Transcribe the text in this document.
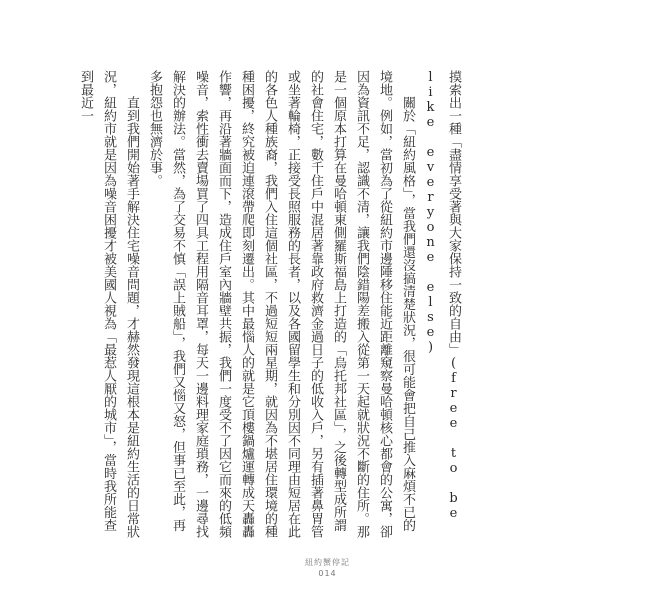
摸索出一種「盡情享受著與大家保持一致的自由」(free to be like everyone else)

關於「紐約風格」，當我們還沒搞清楚狀況，很可能會把自己推入麻煩不已的境地。例如，當初為了從紐約市邊陲移住能近距離窺察曼哈頓核心都會的公寓，卻因為資訊不足，認識不清，讓我們陰錯陽差搬入從第一天起就狀況不斷的住所。那是一個原本打算在曼哈頓東側羅斯福島上打造的「烏托邦社區」，之後轉型成所謂的社會住宅，數千住戶中混居著靠政府救濟金過日子的低收入戶，另有插著鼻胃管或坐著輪椅，正接受長照服務的長者，以及各國留學生和分別因不同理由短居在此的各色人種族裔，我們入住這個社區，不過短短兩星期，就因為不堪居住環境的種種困擾，終究被迫連滾帶爬即刻遷出。其中最惱人的就是它頂樓鍋爐運轉成天轟轟作響，再沿著牆面而下，造成住戶室內牆壁共振，我們一度受不了因它而來的低頻噪音，索性衝去賣場買了四具工程用隔音耳罩，每天一邊料理家庭瑣務，一邊尋找解決的辦法。當然，為了交易不慎「誤上賊船」，我們又惱又怒，但事已至此，再多抱怨也無濟於事。

直到我們開始著手解決住宅噪音問題，才赫然發現這根本是紐約生活的日常狀況，紐約市就是因為噪音困擾才被美國人視為「最惹人厭的城市」，當時我所能查到最近一

紐約蟹停記
014
